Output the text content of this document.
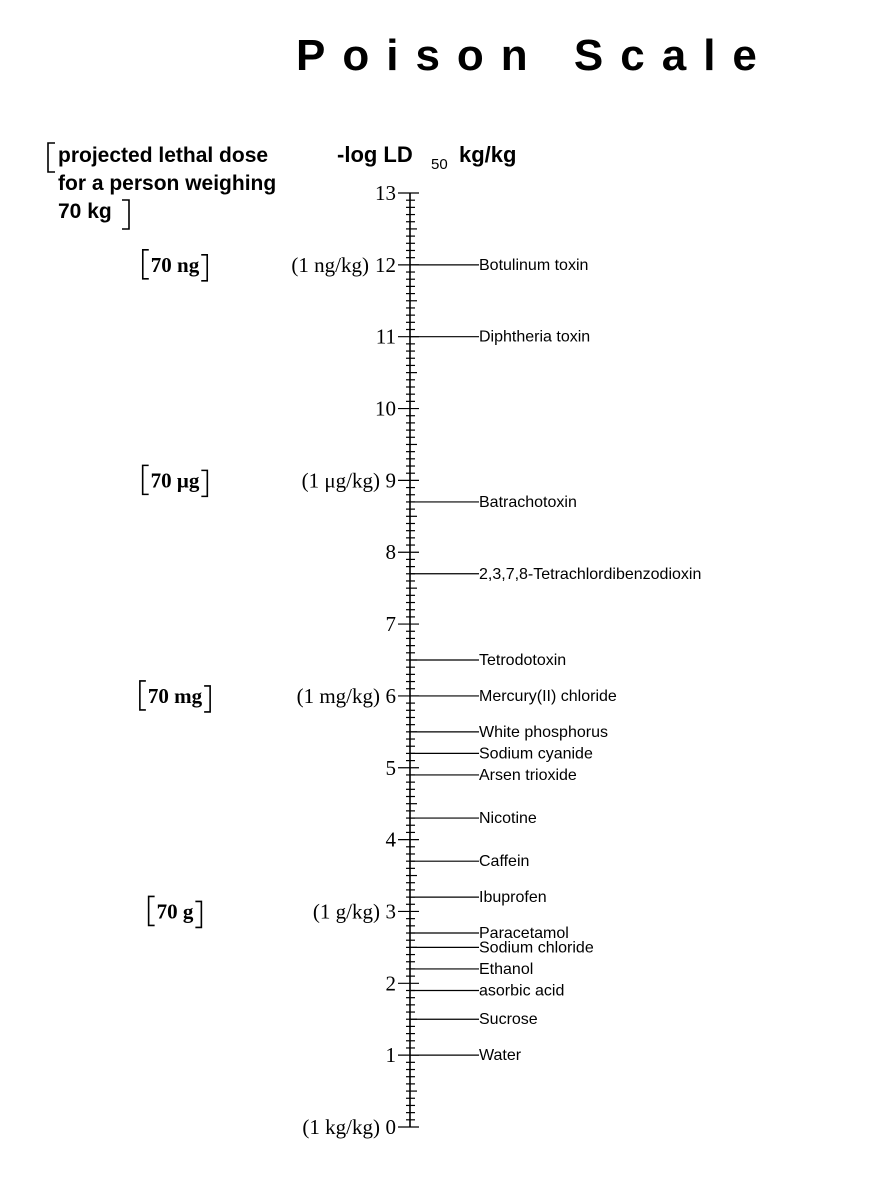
Poison Scale
projected lethal dose
for a person weighing
70 kg
-log LD 50 kg/kg
0
1
2
3
4
5
6
7
8
9
10
11
12
13
(1 ng/kg)
(1 μg/kg)
(1 mg/kg)
(1 g/kg)
(1 kg/kg)
70 ng
70 μg
70 mg
70 g
Botulinum toxin
Diphtheria toxin
Batrachotoxin
2,3,7,8-Tetrachlordibenzodioxin
Tetrodotoxin
Mercury(II) chloride
White phosphorus
Sodium cyanide
Arsen trioxide
Nicotine
Caffein
Ibuprofen
Paracetamol
Sodium chloride
Ethanol
asorbic acid
Sucrose
Water
